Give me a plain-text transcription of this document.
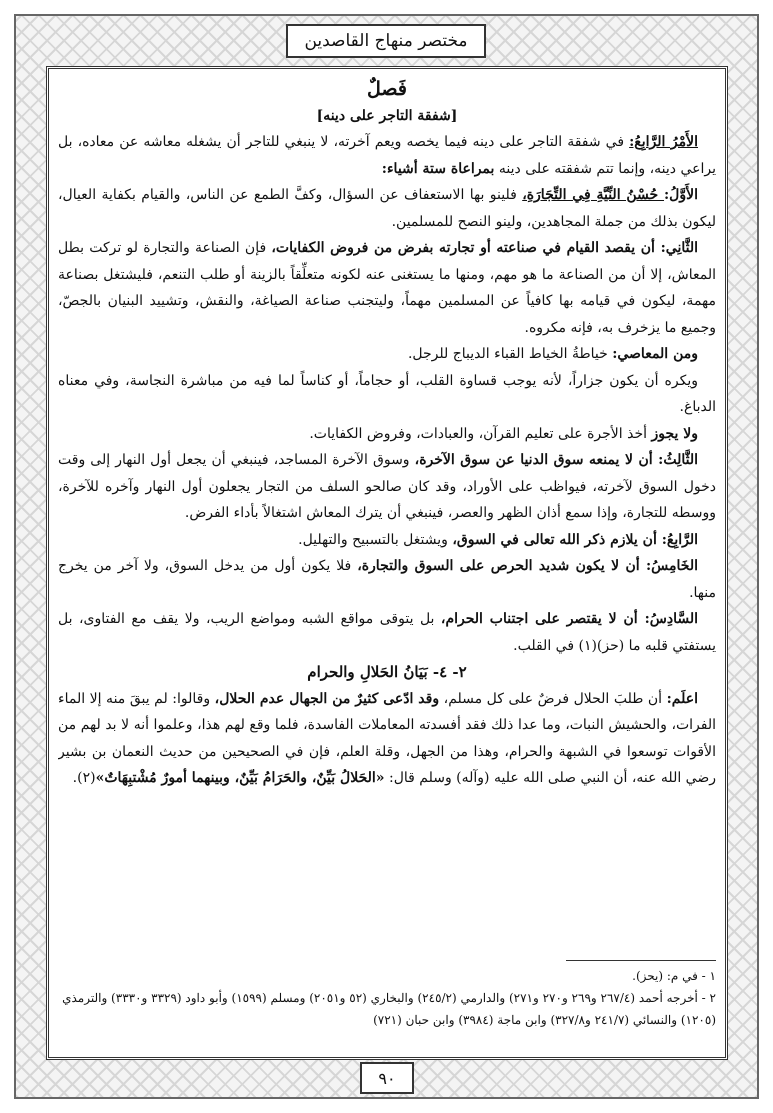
مختصر منهاج القاصدين

فَصلٌ

[شفقة التاجر على دينه]

الأَمْرُ الرَّابِعُ: في شفقة التاجر على دينه فيما يخصه ويعم آخرته، لا ينبغي للتاجر أن يشغله معاشه عن معاده، بل يراعي دينه، وإنما تتم شفقته على دينه بمراعاة ستة أشياء:

الأَوَّلُ: حُسْنُ النِّيَّةِ فِي التِّجَارَةِ، فلينو بها الاستعفاف عن السؤال، وكفَّ الطمع عن الناس، والقيام بكفاية العيال، ليكون بذلك من جملة المجاهدين، ولينو النصح للمسلمين.

الثَّانِي: أن يقصد القيام في صناعته أو تجارته بفرض من فروض الكفايات، فإن الصناعة والتجارة لو تركت بطل المعاش، إلا أن من الصناعة ما هو مهم، ومنها ما يستغنى عنه لكونه متعلِّقاً بالزينة أو طلب التنعم، فليشتغل بصناعة مهمة، ليكون في قيامه بها كافياً عن المسلمين مهماً، وليتجنب صناعة الصياغة، والنقش، وتشييد البنيان بالجصّ، وجميع ما يزخرف به، فإنه مكروه.

ومن المعاصي: خياطةُ الخياط القباء الديباج للرجل.

ويكره أن يكون جزاراً، لأنه يوجب قساوة القلب، أو حجاماً، أو كناساً لما فيه من مباشرة النجاسة، وفي معناه الدباغ.

ولا يجوز أخذ الأجرة على تعليم القرآن، والعبادات، وفروض الكفايات.

الثَّالِثُ: أن لا يمنعه سوق الدنيا عن سوق الآخرة، وسوق الآخرة المساجد، فينبغي أن يجعل أول النهار إلى وقت دخول السوق لآخرته، فيواظب على الأوراد، وقد كان صالحو السلف من التجار يجعلون أول النهار وآخره للآخرة، ووسطه للتجارة، وإذا سمع أذان الظهر والعصر، فينبغي أن يترك المعاش اشتغالاً بأداء الفرض.

الرَّابِعُ: أن يلازم ذكر الله تعالى في السوق، ويشتغل بالتسبيح والتهليل.

الخَامِسُ: أن لا يكون شديد الحرص على السوق والتجارة، فلا يكون أول من يدخل السوق، ولا آخر من يخرج منها.

السَّادِسُ: أن لا يقتصر على اجتناب الحرام، بل يتوقى مواقع الشبه ومواضع الريب، ولا يقف مع الفتاوى، بل يستفتي قلبه ما (حز)(١) في القلب.

٢- ٤- بَيَانُ الحَلالِ والحرام

اعلَم: أن طلبَ الحلال فرضٌ على كل مسلم، وقد ادّعى كثيرٌ من الجهال عدم الحلال، وقالوا: لم يبقَ منه إلا الماء الفرات، والحشيش النبات، وما عدا ذلك فقد أفسدته المعاملات الفاسدة، فلما وقع لهم هذا، وعلموا أنه لا بد لهم من الأقوات توسعوا في الشبهة والحرام، وهذا من الجهل، وقلة العلم، فإن في الصحيحين من حديث النعمان بن بشير رضي الله عنه، أن النبي صلى الله عليه (وآله) وسلم قال: «الحَلالُ بَيِّنٌ، والحَرَامُ بَيِّنٌ، وبينهما أمورٌ مُشْتبِهَاتٌ»(٢).

١ - في م: (يحز).

٢ - أخرجه أحمد (٢٦٧/٤ و٢٦٩ و٢٧٠ و٢٧١) والدارمي (٢٤٥/٢) والبخاري (٥٢ و٢٠٥١) ومسلم (١٥٩٩) وأبو داود (٣٣٢٩ و٣٣٣٠) والترمذي (١٢٠٥) والنسائي (٢٤١/٧ و٣٢٧/٨) وابن ماجة (٣٩٨٤) وابن حبان (٧٢١)

٩٠
